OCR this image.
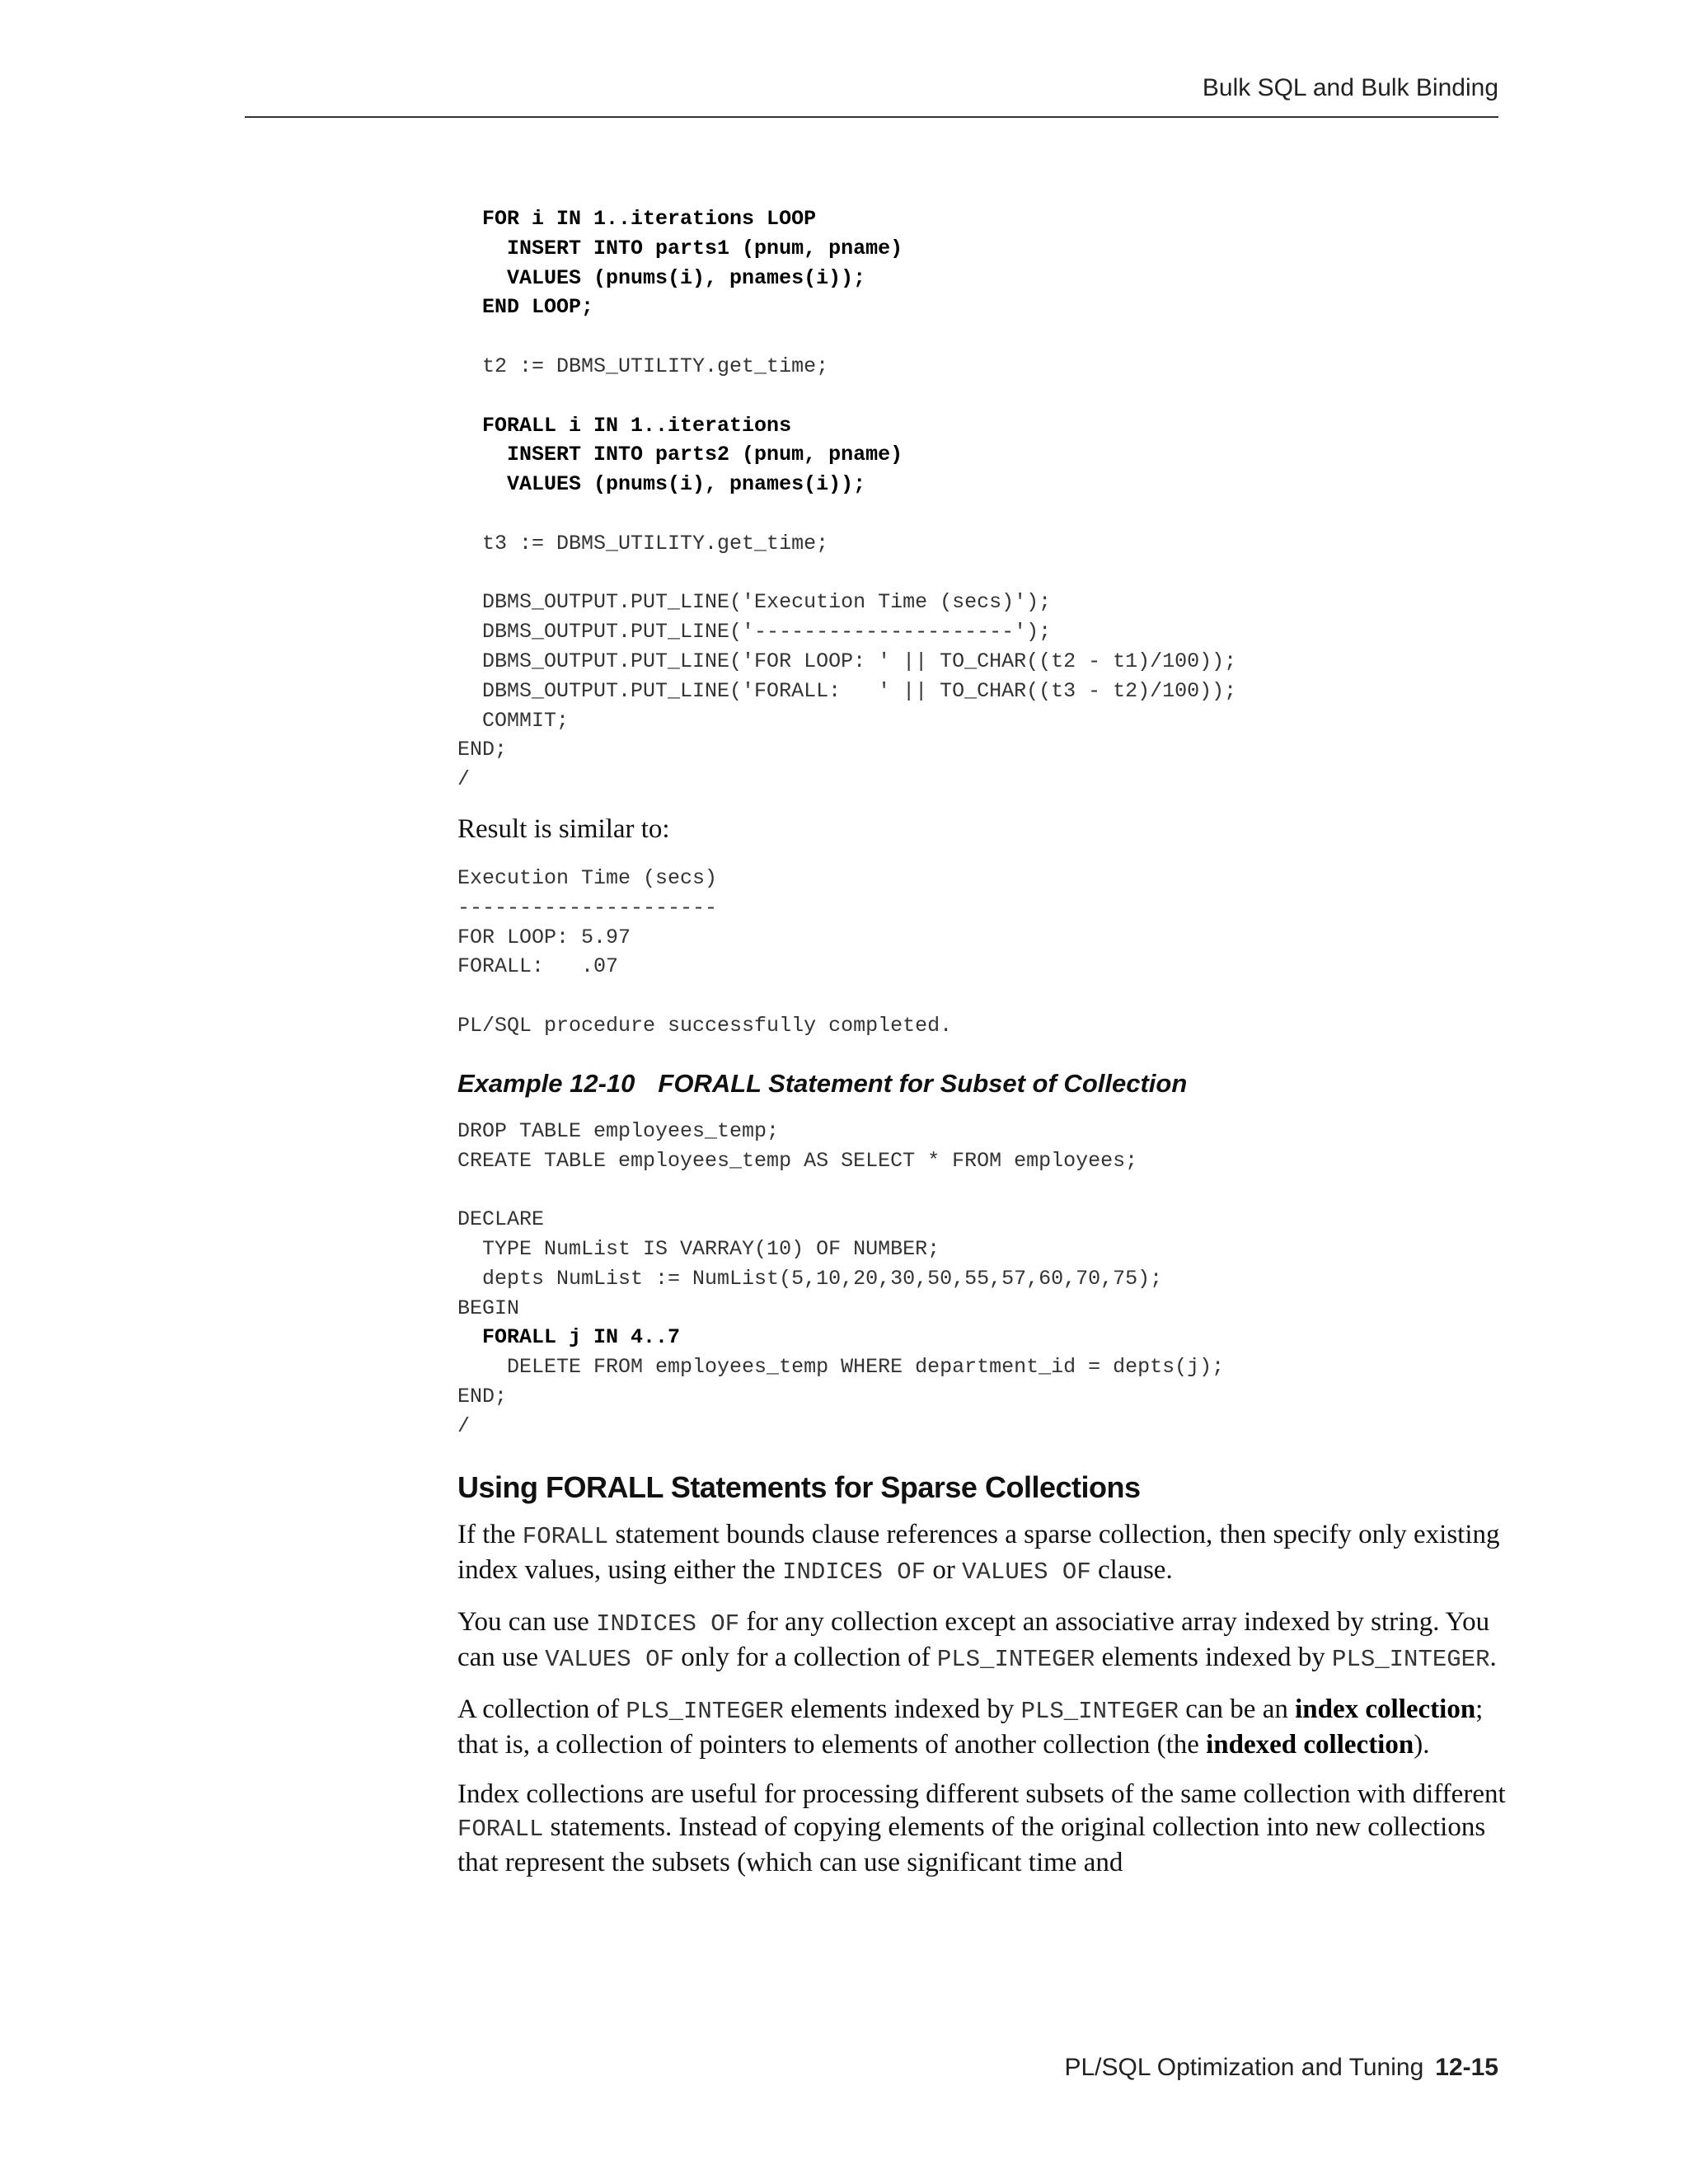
Bulk SQL and Bulk Binding
FOR i IN 1..iterations LOOP
INSERT INTO parts1 (pnum, pname)
VALUES (pnums(i), pnames(i));
END LOOP;

t2 := DBMS_UTILITY.get_time;

FORALL i IN 1..iterations
INSERT INTO parts2 (pnum, pname)
VALUES (pnums(i), pnames(i));

t3 := DBMS_UTILITY.get_time;

DBMS_OUTPUT.PUT_LINE('Execution Time (secs)');
DBMS_OUTPUT.PUT_LINE('---------------------');
DBMS_OUTPUT.PUT_LINE('FOR LOOP: ' || TO_CHAR((t2 - t1)/100));
DBMS_OUTPUT.PUT_LINE('FORALL:   ' || TO_CHAR((t3 - t2)/100));
COMMIT;
END;
/

Result is similar to:

Execution Time (secs)
---------------------
FOR LOOP: 5.97
FORALL:   .07

PL/SQL procedure successfully completed.

Example 12-10 FORALL Statement for Subset of Collection

DROP TABLE employees_temp;
CREATE TABLE employees_temp AS SELECT * FROM employees;

DECLARE
TYPE NumList IS VARRAY(10) OF NUMBER;
depts NumList := NumList(5,10,20,30,50,55,57,60,70,75);
BEGIN
FORALL j IN 4..7
DELETE FROM employees_temp WHERE department_id = depts(j);
END;
/
Using FORALL Statements for Sparse Collections

If the FORALL statement bounds clause references a sparse collection, then specify only existing index values, using either the INDICES OF or VALUES OF clause.

You can use INDICES OF for any collection except an associative array indexed by string. You can use VALUES OF only for a collection of PLS_INTEGER elements indexed by PLS_INTEGER.

A collection of PLS_INTEGER elements indexed by PLS_INTEGER can be an index collection; that is, a collection of pointers to elements of another collection (the indexed collection).

Index collections are useful for processing different subsets of the same collection with different FORALL statements. Instead of copying elements of the original collection into new collections that represent the subsets (which can use significant time and

PL/SQL Optimization and Tuning 12-15
